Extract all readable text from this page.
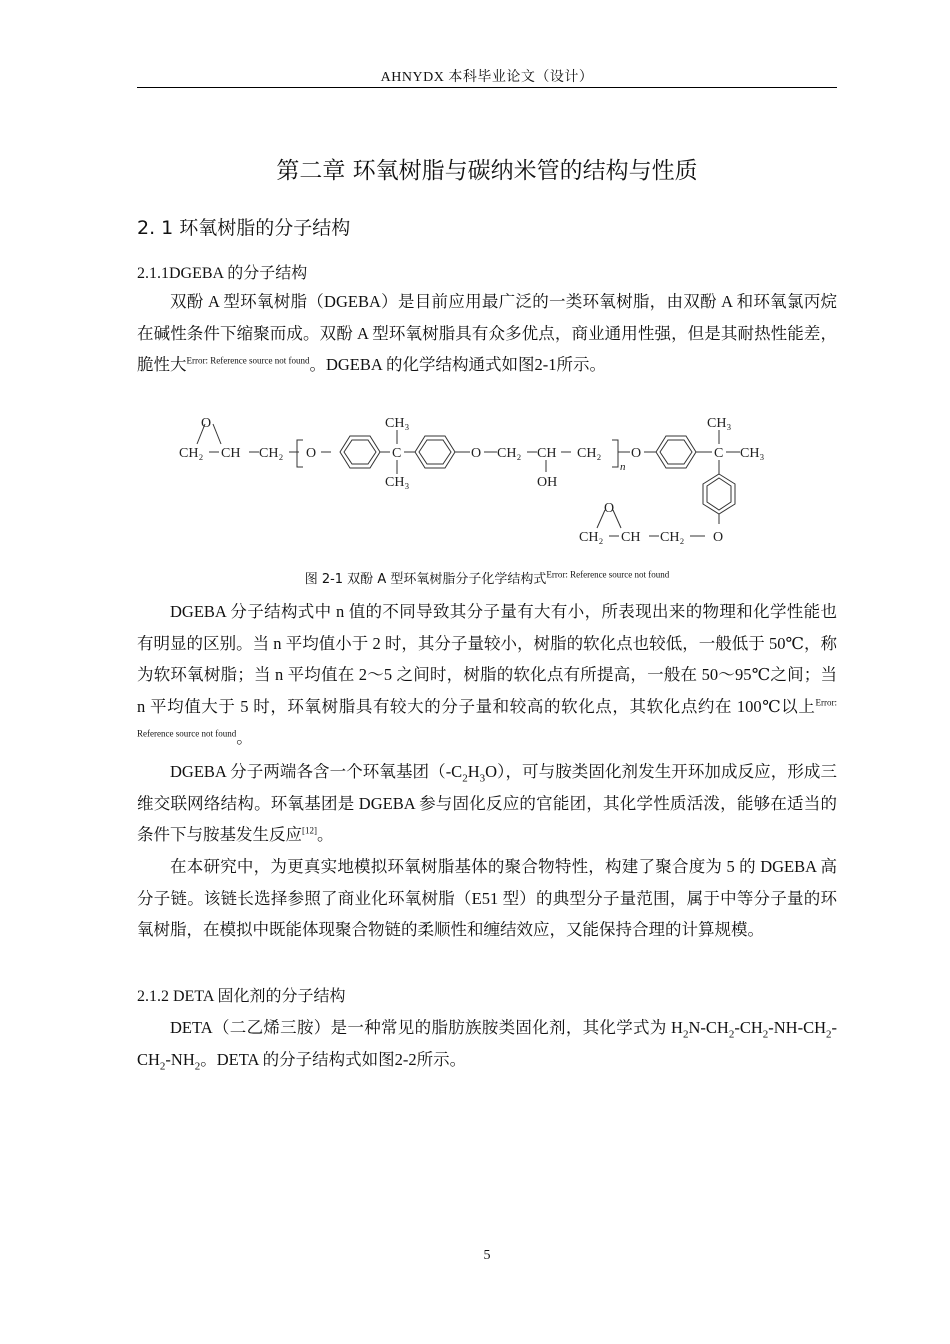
AHNYDX 本科毕业论文（设计）
第二章 环氧树脂与碳纳米管的结构与性质
2. 1 环氧树脂的分子结构
2.1.1DGEBA 的分子结构
双酚 A 型环氧树脂（DGEBA）是目前应用最广泛的一类环氧树脂，由双酚 A 和环氧氯丙烷在碱性条件下缩聚而成。双酚 A 型环氧树脂具有众多优点，商业通用性强，但是其耐热性能差，脆性大$^{Error: Reference source not found}$。DGEBA 的化学结构通式如图2-1所示。
O
CH₂ CH CH₂ O	C
CH₃
CH₃
O CH₂ CH
OH
CH₂
n
O	C
CH₃
CH₃
O
O
CH₂ CH CH₂
图 2-1 双酚 A 型环氧树脂分子化学结构式$^{Error: Reference source not found}$
DGEBA 分子结构式中 n 值的不同导致其分子量有大有小，所表现出来的物理和化学性能也有明显的区别。当 n 平均值小于 2 时，其分子量较小，树脂的软化点也较低，一般低于 50℃，称为软环氧树脂；当 n 平均值在 2～5 之间时，树脂的软化点有所提高，一般在 50～95℃之间；当 n 平均值大于 5 时，环氧树脂具有较大的分子量和较高的软化点，其软化点约在 100℃以上$^{Error: Reference source not found}$。
DGEBA 分子两端各含一个环氧基团$(-C_2H_3O)$，可与胺类固化剂发生开环加成反应，形成三维交联网络结构。环氧基团是 DGEBA 参与固化反应的官能团，其化学性质活泼，能够在适当的条件下与胺基发生反应[12]。
在本研究中，为更真实地模拟环氧树脂基体的聚合物特性，构建了聚合度为 5 的 DGEBA 高分子链。该链长选择参照了商业化环氧树脂（E51 型）的典型分子量范围，属于中等分子量的环氧树脂，在模拟中既能体现聚合物链的柔顺性和缠结效应，又能保持合理的计算规模。
2.1.2 DETA 固化剂的分子结构
DETA（二乙烯三胺）是一种常见的脂肪族胺类固化剂，其化学式为 $H_2N-CH_2-CH_2-NH-CH_2-CH_2-NH_2$。DETA 的分子结构式如图2-2所示。
5
